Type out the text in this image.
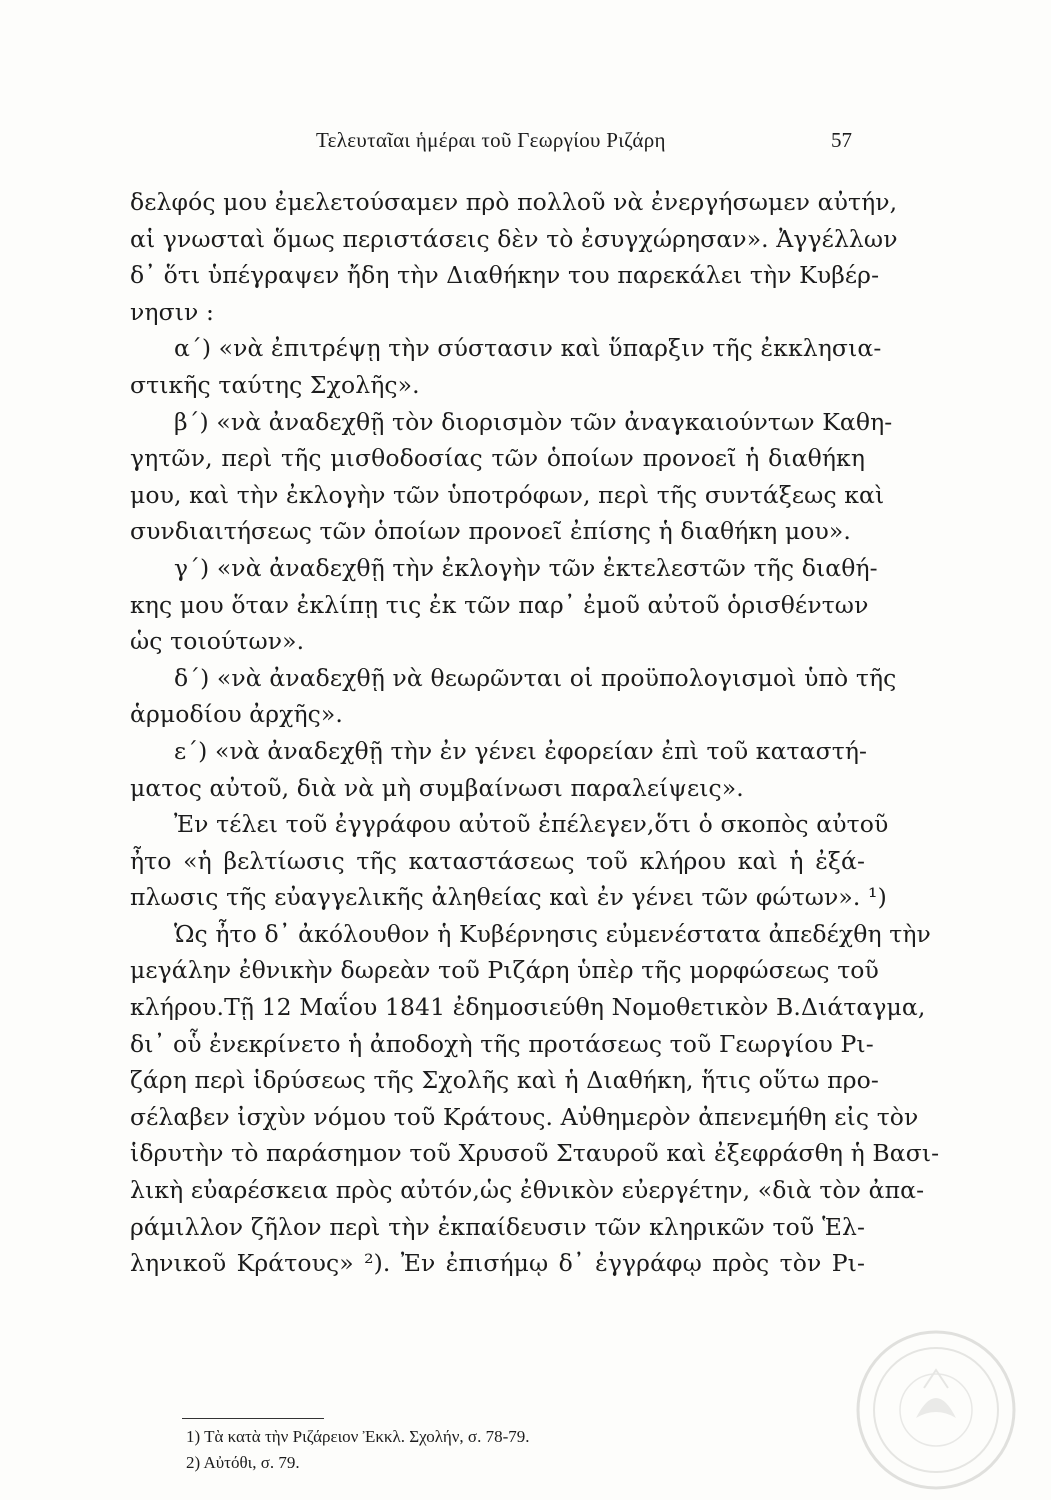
Τελευταῖαι ἡμέραι τοῦ Γεωργίου Ριζάρη	57
δελφός μου ἐμελετούσαμεν πρὸ πολλοῦ νὰ ἐνεργήσωμεν αὐτήν,
αἱ γνωσταὶ ὅμως περιστάσεις δὲν τὸ ἐσυγχώρησαν». Ἀγγέλλων
δ᾿ ὅτι ὑπέγραψεν ἤδη τὴν Διαθήκην του παρεκάλει τὴν Κυβέρ-
νησιν :
α΄) «νὰ ἐπιτρέψῃ τὴν σύστασιν καὶ ὕπαρξιν τῆς ἐκκλησια-
στικῆς ταύτης Σχολῆς».
β΄) «νὰ ἀναδεχθῇ τὸν διορισμὸν τῶν ἀναγκαιούντων Καθη-
γητῶν, περὶ τῆς μισθοδοσίας τῶν ὁποίων προνοεῖ ἡ διαθήκη
μου, καὶ τὴν ἐκλογὴν τῶν ὑποτρόφων, περὶ τῆς συντάξεως καὶ
συνδιαιτήσεως τῶν ὁποίων προνοεῖ ἐπίσης ἡ διαθήκη μου».
γ΄) «νὰ ἀναδεχθῇ τὴν ἐκλογὴν τῶν ἐκτελεστῶν τῆς διαθή-
κης μου ὅταν ἐκλίπῃ τις ἐκ τῶν παρ᾿ ἐμοῦ αὐτοῦ ὁρισθέντων
ὡς τοιούτων».
δ΄) «νὰ ἀναδεχθῇ νὰ θεωρῶνται οἱ προϋπολογισμοὶ ὑπὸ τῆς
ἁρμοδίου ἀρχῆς».
ε΄) «νὰ ἀναδεχθῇ τὴν ἐν γένει ἐφορείαν ἐπὶ τοῦ καταστή-
ματος αὐτοῦ, διὰ νὰ μὴ συμβαίνωσι παραλείψεις».
Ἐν τέλει τοῦ ἐγγράφου αὐτοῦ ἐπέλεγεν,ὅτι ὁ σκοπὸς αὐτοῦ
ἦτο «ἡ βελτίωσις τῆς καταστάσεως τοῦ κλήρου καὶ ἡ ἐξά-
πλωσις τῆς εὐαγγελικῆς ἀληθείας καὶ ἐν γένει τῶν φώτων». ¹)
Ὡς ἦτο δ᾿ ἀκόλουθον ἡ Κυβέρνησις εὐμενέστατα ἀπεδέχθη τὴν
μεγάλην ἐθνικὴν δωρεὰν τοῦ Ριζάρη ὑπὲρ τῆς μορφώσεως τοῦ
κλήρου.Τῇ 12 Μαΐου 1841 ἐδημοσιεύθη Νομοθετικὸν Β.Διάταγμα,
δι᾿ οὗ ἐνεκρίνετο ἡ ἀποδοχὴ τῆς προτάσεως τοῦ Γεωργίου Ρι-
ζάρη περὶ ἱδρύσεως τῆς Σχολῆς καὶ ἡ Διαθήκη, ἥτις οὕτω προ-
σέλαβεν ἰσχὺν νόμου τοῦ Κράτους. Αὐθημερὸν ἀπενεμήθη εἰς τὸν
ἱδρυτὴν τὸ παράσημον τοῦ Χρυσοῦ Σταυροῦ καὶ ἐξεφράσθη ἡ Βασι-
λικὴ εὐαρέσκεια πρὸς αὐτόν,ὡς ἐθνικὸν εὐεργέτην, «διὰ τὸν ἀπα-
ράμιλλον ζῆλον περὶ τὴν ἐκπαίδευσιν τῶν κληρικῶν τοῦ Ἑλ-
ληνικοῦ Κράτους» ²). Ἐν ἐπισήμῳ δ᾿ ἐγγράφῳ πρὸς τὸν Ρι-
1) Τὰ κατὰ τὴν Ριζάρειον Ἐκκλ. Σχολήν, σ. 78-79.
2) Αὐτόθι, σ. 79.
